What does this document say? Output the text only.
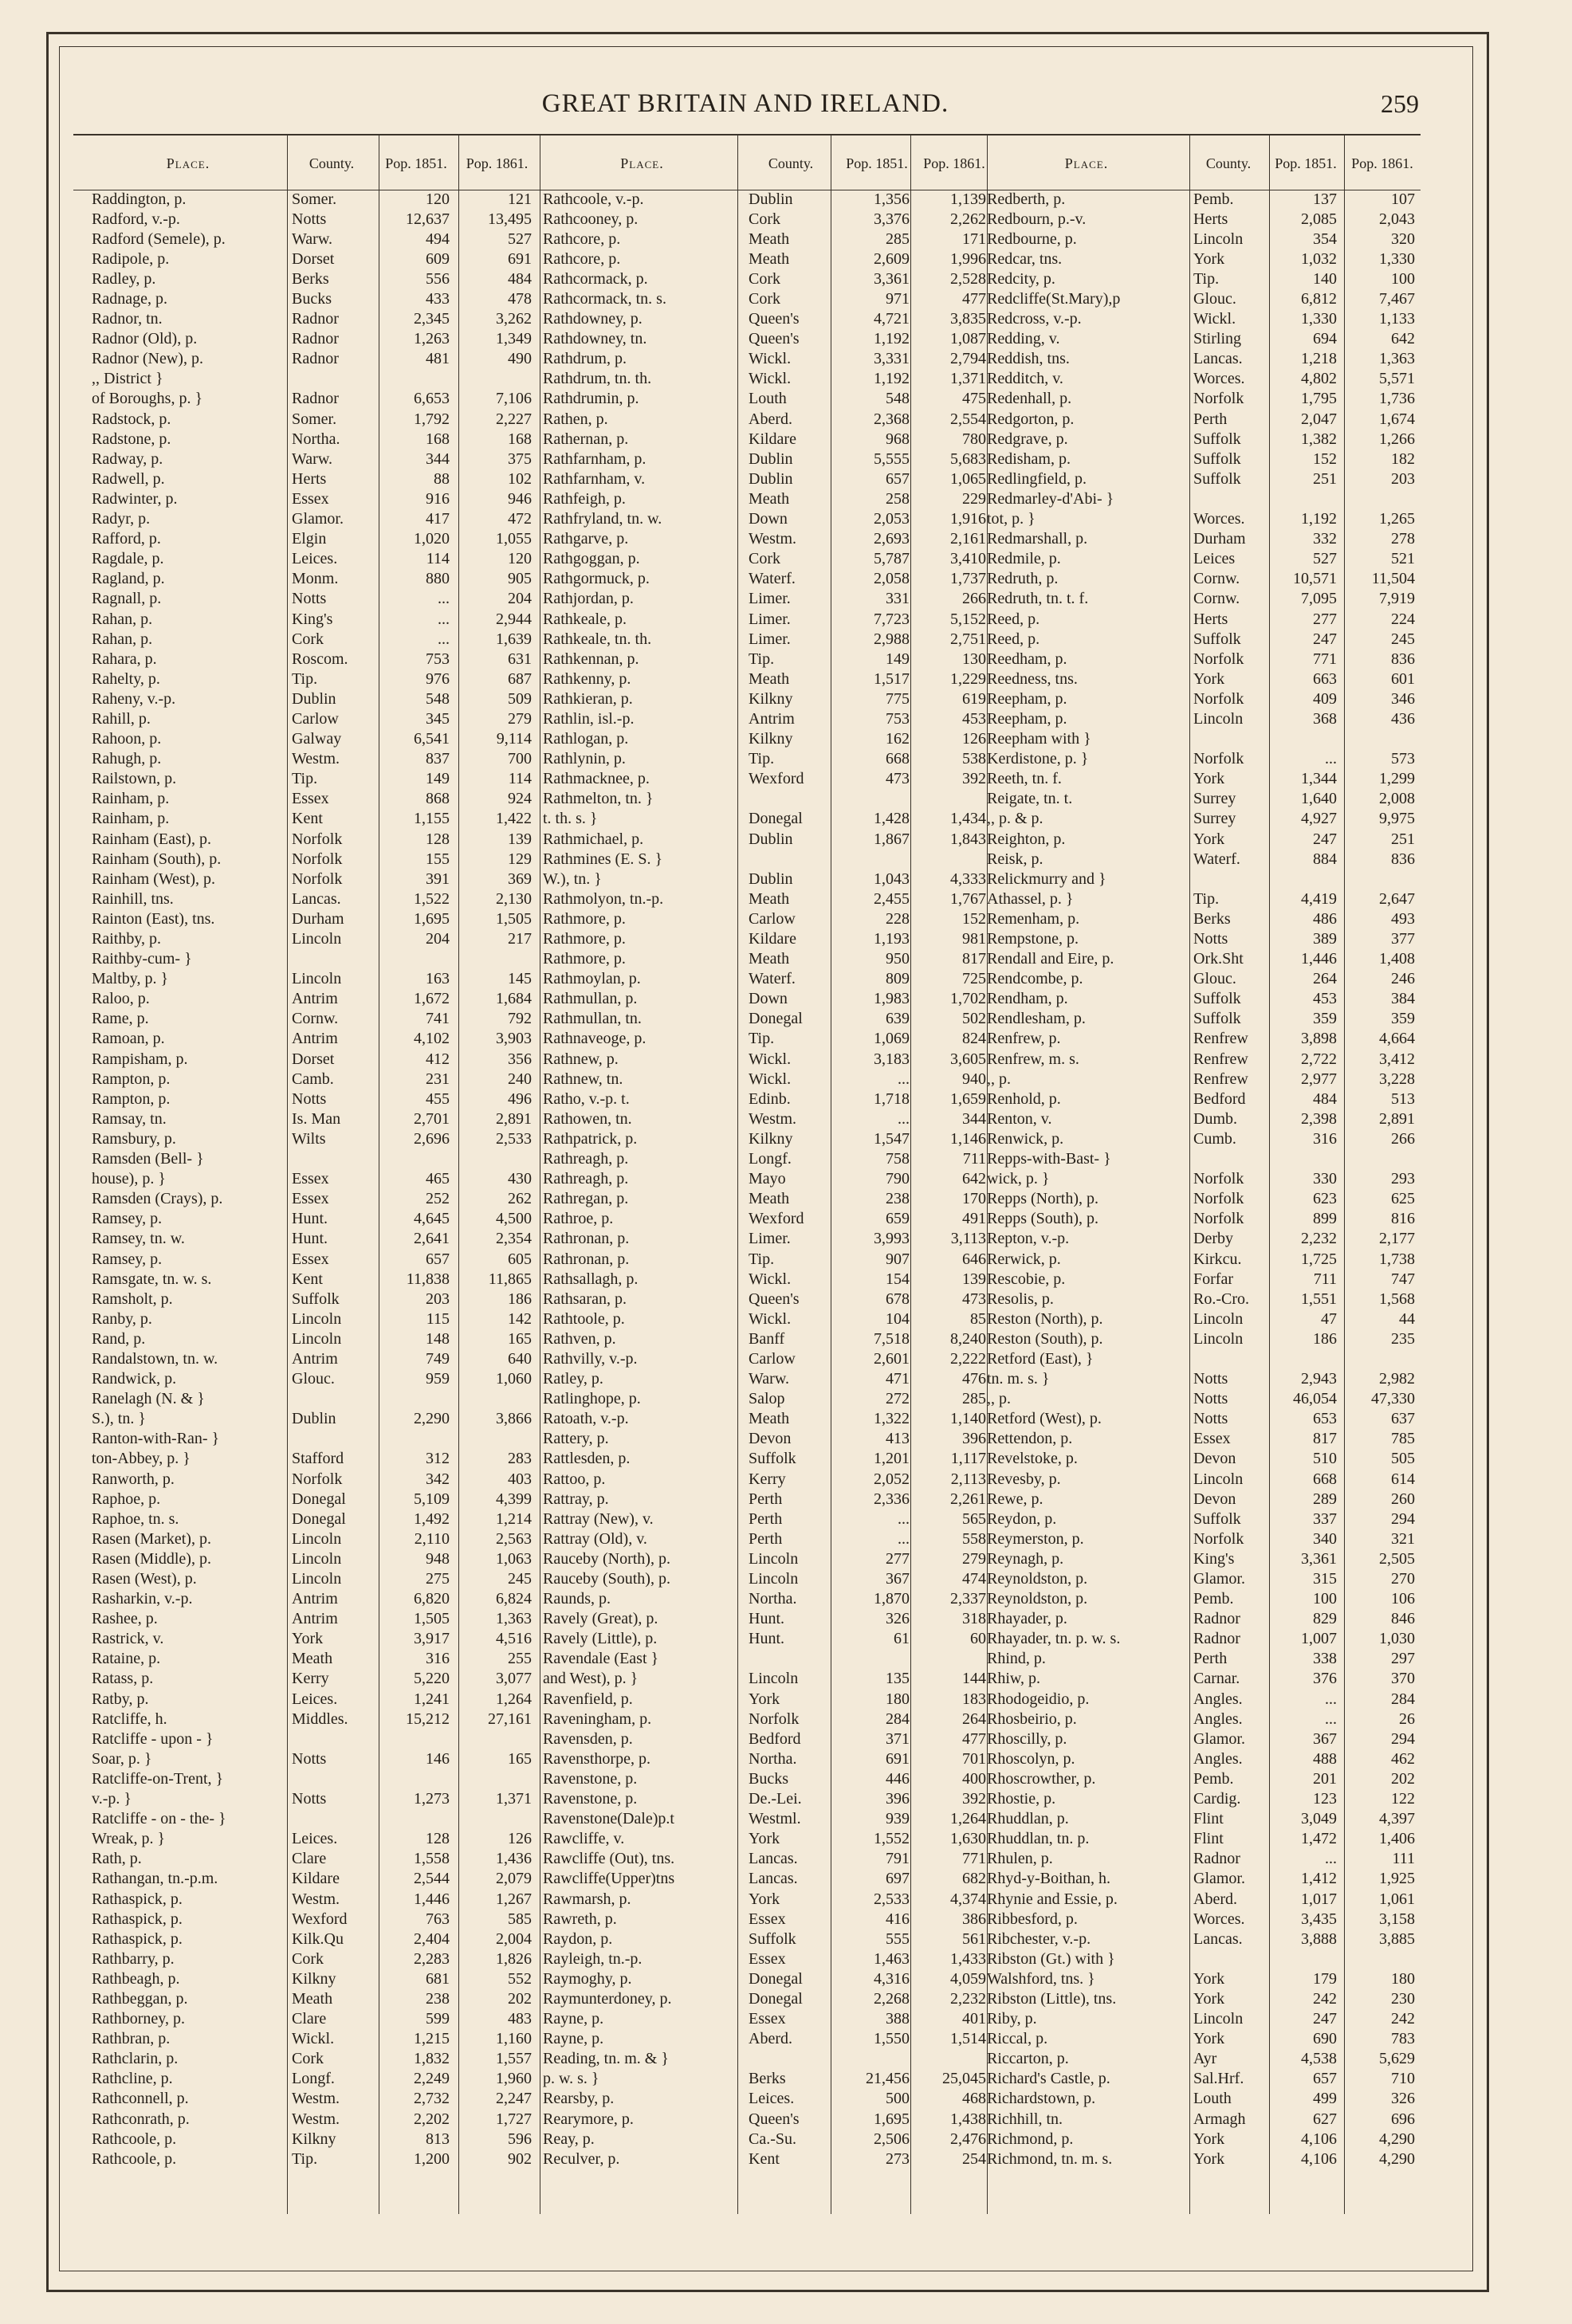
GREAT BRITAIN AND IRELAND.	259
Place.	County.	Pop. 1851.	Pop. 1861.
Raddington, p.	Somer.	120	121
Radford, v.-p.	Notts	12,637	13,495
Radford (Semele), p.	Warw.	494	527
Radipole, p.	Dorset	609	691
Radley, p.	Berks	556	484
Radnage, p.	Bucks	433	478
Radnor, tn.	Radnor	2,345	3,262
Radnor (Old), p.	Radnor	1,263	1,349
Radnor (New), p.	Radnor	481	490
,, District }			
of Boroughs, p. }	Radnor	6,653	7,106
Radstock, p.	Somer.	1,792	2,227
Radstone, p.	Northa.	168	168
Radway, p.	Warw.	344	375
Radwell, p.	Herts	88	102
Radwinter, p.	Essex	916	946
Radyr, p.	Glamor.	417	472
Rafford, p.	Elgin	1,020	1,055
Ragdale, p.	Leices.	114	120
Ragland, p.	Monm.	880	905
Ragnall, p.	Notts	...	204
Rahan, p.	King's	...	2,944
Rahan, p.	Cork	...	1,639
Rahara, p.	Roscom.	753	631
Rahelty, p.	Tip.	976	687
Raheny, v.-p.	Dublin	548	509
Rahill, p.	Carlow	345	279
Rahoon, p.	Galway	6,541	9,114
Rahugh, p.	Westm.	837	700
Railstown, p.	Tip.	149	114
Rainham, p.	Essex	868	924
Rainham, p.	Kent	1,155	1,422
Rainham (East), p.	Norfolk	128	139
Rainham (South), p.	Norfolk	155	129
Rainham (West), p.	Norfolk	391	369
Rainhill, tns.	Lancas.	1,522	2,130
Rainton (East), tns.	Durham	1,695	1,505
Raithby, p.	Lincoln	204	217
Raithby-cum- }			
Maltby, p. }	Lincoln	163	145
Raloo, p.	Antrim	1,672	1,684
Rame, p.	Cornw.	741	792
Ramoan, p.	Antrim	4,102	3,903
Rampisham, p.	Dorset	412	356
Rampton, p.	Camb.	231	240
Rampton, p.	Notts	455	496
Ramsay, tn.	Is. Man	2,701	2,891
Ramsbury, p.	Wilts	2,696	2,533
Ramsden (Bell- }			
house), p. }	Essex	465	430
Ramsden (Crays), p.	Essex	252	262
Ramsey, p.	Hunt.	4,645	4,500
Ramsey, tn. w.	Hunt.	2,641	2,354
Ramsey, p.	Essex	657	605
Ramsgate, tn. w. s.	Kent	11,838	11,865
Ramsholt, p.	Suffolk	203	186
Ranby, p.	Lincoln	115	142
Rand, p.	Lincoln	148	165
Randalstown, tn. w.	Antrim	749	640
Randwick, p.	Glouc.	959	1,060
Ranelagh (N. & }			
S.), tn. }	Dublin	2,290	3,866
Ranton-with-Ran- }			
ton-Abbey, p. }	Stafford	312	283
Ranworth, p.	Norfolk	342	403
Raphoe, p.	Donegal	5,109	4,399
Raphoe, tn. s.	Donegal	1,492	1,214
Rasen (Market), p.	Lincoln	2,110	2,563
Rasen (Middle), p.	Lincoln	948	1,063
Rasen (West), p.	Lincoln	275	245
Rasharkin, v.-p.	Antrim	6,820	6,824
Rashee, p.	Antrim	1,505	1,363
Rastrick, v.	York	3,917	4,516
Rataine, p.	Meath	316	255
Ratass, p.	Kerry	5,220	3,077
Ratby, p.	Leices.	1,241	1,264
Ratcliffe, h.	Middles.	15,212	27,161
Ratcliffe - upon - }			
Soar, p. }	Notts	146	165
Ratcliffe-on-Trent, }			
v.-p. }	Notts	1,273	1,371
Ratcliffe - on - the- }			
Wreak, p. }	Leices.	128	126
Rath, p.	Clare	1,558	1,436
Rathangan, tn.-p.m.	Kildare	2,544	2,079
Rathaspick, p.	Westm.	1,446	1,267
Rathaspick, p.	Wexford	763	585
Rathaspick, p.	Kilk.Qu	2,404	2,004
Rathbarry, p.	Cork	2,283	1,826
Rathbeagh, p.	Kilkny	681	552
Rathbeggan, p.	Meath	238	202
Rathborney, p.	Clare	599	483
Rathbran, p.	Wickl.	1,215	1,160
Rathclarin, p.	Cork	1,832	1,557
Rathcline, p.	Longf.	2,249	1,960
Rathconnell, p.	Westm.	2,732	2,247
Rathconrath, p.	Westm.	2,202	1,727
Rathcoole, p.	Kilkny	813	596
Rathcoole, p.	Tip.	1,200	902
Place.	County.	Pop. 1851.	Pop. 1861.
Rathcoole, v.-p.	Dublin	1,356	1,139
Rathcooney, p.	Cork	3,376	2,262
Rathcore, p.	Meath	285	171
Rathcore, p.	Meath	2,609	1,996
Rathcormack, p.	Cork	3,361	2,528
Rathcormack, tn. s.	Cork	971	477
Rathdowney, p.	Queen's	4,721	3,835
Rathdowney, tn.	Queen's	1,192	1,087
Rathdrum, p.	Wickl.	3,331	2,794
Rathdrum, tn. th.	Wickl.	1,192	1,371
Rathdrumin, p.	Louth	548	475
Rathen, p.	Aberd.	2,368	2,554
Rathernan, p.	Kildare	968	780
Rathfarnham, p.	Dublin	5,555	5,683
Rathfarnham, v.	Dublin	657	1,065
Rathfeigh, p.	Meath	258	229
Rathfryland, tn. w.	Down	2,053	1,916
Rathgarve, p.	Westm.	2,693	2,161
Rathgoggan, p.	Cork	5,787	3,410
Rathgormuck, p.	Waterf.	2,058	1,737
Rathjordan, p.	Limer.	331	266
Rathkeale, p.	Limer.	7,723	5,152
Rathkeale, tn. th.	Limer.	2,988	2,751
Rathkennan, p.	Tip.	149	130
Rathkenny, p.	Meath	1,517	1,229
Rathkieran, p.	Kilkny	775	619
Rathlin, isl.-p.	Antrim	753	453
Rathlogan, p.	Kilkny	162	126
Rathlynin, p.	Tip.	668	538
Rathmacknee, p.	Wexford	473	392
Rathmelton, tn. }			
t. th. s. }	Donegal	1,428	1,434
Rathmichael, p.	Dublin	1,867	1,843
Rathmines (E. S. }			
W.), tn. }	Dublin	1,043	4,333
Rathmolyon, tn.-p.	Meath	2,455	1,767
Rathmore, p.	Carlow	228	152
Rathmore, p.	Kildare	1,193	981
Rathmore, p.	Meath	950	817
Rathmoylan, p.	Waterf.	809	725
Rathmullan, p.	Down	1,983	1,702
Rathmullan, tn.	Donegal	639	502
Rathnaveoge, p.	Tip.	1,069	824
Rathnew, p.	Wickl.	3,183	3,605
Rathnew, tn.	Wickl.	...	940
Ratho, v.-p. t.	Edinb.	1,718	1,659
Rathowen, tn.	Westm.	...	344
Rathpatrick, p.	Kilkny	1,547	1,146
Rathreagh, p.	Longf.	758	711
Rathreagh, p.	Mayo	790	642
Rathregan, p.	Meath	238	170
Rathroe, p.	Wexford	659	491
Rathronan, p.	Limer.	3,993	3,113
Rathronan, p.	Tip.	907	646
Rathsallagh, p.	Wickl.	154	139
Rathsaran, p.	Queen's	678	473
Rathtoole, p.	Wickl.	104	85
Rathven, p.	Banff	7,518	8,240
Rathvilly, v.-p.	Carlow	2,601	2,222
Ratley, p.	Warw.	471	476
Ratlinghope, p.	Salop	272	285
Ratoath, v.-p.	Meath	1,322	1,140
Rattery, p.	Devon	413	396
Rattlesden, p.	Suffolk	1,201	1,117
Rattoo, p.	Kerry	2,052	2,113
Rattray, p.	Perth	2,336	2,261
Rattray (New), v.	Perth	...	565
Rattray (Old), v.	Perth	...	558
Rauceby (North), p.	Lincoln	277	279
Rauceby (South), p.	Lincoln	367	474
Raunds, p.	Northa.	1,870	2,337
Ravely (Great), p.	Hunt.	326	318
Ravely (Little), p.	Hunt.	61	60
Ravendale (East }			
and West), p. }	Lincoln	135	144
Ravenfield, p.	York	180	183
Raveningham, p.	Norfolk	284	264
Ravensden, p.	Bedford	371	477
Ravensthorpe, p.	Northa.	691	701
Ravenstone, p.	Bucks	446	400
Ravenstone, p.	De.-Lei.	396	392
Ravenstone(Dale)p.t	Westml.	939	1,264
Rawcliffe, v.	York	1,552	1,630
Rawcliffe (Out), tns.	Lancas.	791	771
Rawcliffe(Upper)tns	Lancas.	697	682
Rawmarsh, p.	York	2,533	4,374
Rawreth, p.	Essex	416	386
Raydon, p.	Suffolk	555	561
Rayleigh, tn.-p.	Essex	1,463	1,433
Raymoghy, p.	Donegal	4,316	4,059
Raymunterdoney, p.	Donegal	2,268	2,232
Rayne, p.	Essex	388	401
Rayne, p.	Aberd.	1,550	1,514
Reading, tn. m. & }			
p. w. s. }	Berks	21,456	25,045
Rearsby, p.	Leices.	500	468
Rearymore, p.	Queen's	1,695	1,438
Reay, p.	Ca.-Su.	2,506	2,476
Reculver, p.	Kent	273	254
Place.	County.	Pop. 1851.	Pop. 1861.
Redberth, p.	Pemb.	137	107
Redbourn, p.-v.	Herts	2,085	2,043
Redbourne, p.	Lincoln	354	320
Redcar, tns.	York	1,032	1,330
Redcity, p.	Tip.	140	100
Redcliffe(St.Mary),p	Glouc.	6,812	7,467
Redcross, v.-p.	Wickl.	1,330	1,133
Redding, v.	Stirling	694	642
Reddish, tns.	Lancas.	1,218	1,363
Redditch, v.	Worces.	4,802	5,571
Redenhall, p.	Norfolk	1,795	1,736
Redgorton, p.	Perth	2,047	1,674
Redgrave, p.	Suffolk	1,382	1,266
Redisham, p.	Suffolk	152	182
Redlingfield, p.	Suffolk	251	203
Redmarley-d'Abi- }			
tot, p. }	Worces.	1,192	1,265
Redmarshall, p.	Durham	332	278
Redmile, p.	Leices	527	521
Redruth, p.	Cornw.	10,571	11,504
Redruth, tn. t. f.	Cornw.	7,095	7,919
Reed, p.	Herts	277	224
Reed, p.	Suffolk	247	245
Reedham, p.	Norfolk	771	836
Reedness, tns.	York	663	601
Reepham, p.	Norfolk	409	346
Reepham, p.	Lincoln	368	436
Reepham with }			
Kerdistone, p. }	Norfolk	...	573
Reeth, tn. f.	York	1,344	1,299
Reigate, tn. t.	Surrey	1,640	2,008
,, p. & p.	Surrey	4,927	9,975
Reighton, p.	York	247	251
Reisk, p.	Waterf.	884	836
Relickmurry and }			
Athassel, p. }	Tip.	4,419	2,647
Remenham, p.	Berks	486	493
Rempstone, p.	Notts	389	377
Rendall and Eire, p.	Ork.Sht	1,446	1,408
Rendcombe, p.	Glouc.	264	246
Rendham, p.	Suffolk	453	384
Rendlesham, p.	Suffolk	359	359
Renfrew, p.	Renfrew	3,898	4,664
Renfrew, m. s.	Renfrew	2,722	3,412
,, p.	Renfrew	2,977	3,228
Renhold, p.	Bedford	484	513
Renton, v.	Dumb.	2,398	2,891
Renwick, p.	Cumb.	316	266
Repps-with-Bast- }			
wick, p. }	Norfolk	330	293
Repps (North), p.	Norfolk	623	625
Repps (South), p.	Norfolk	899	816
Repton, v.-p.	Derby	2,232	2,177
Rerwick, p.	Kirkcu.	1,725	1,738
Rescobie, p.	Forfar	711	747
Resolis, p.	Ro.-Cro.	1,551	1,568
Reston (North), p.	Lincoln	47	44
Reston (South), p.	Lincoln	186	235
Retford (East), }			
tn. m. s. }	Notts	2,943	2,982
,, p.	Notts	46,054	47,330
Retford (West), p.	Notts	653	637
Rettendon, p.	Essex	817	785
Revelstoke, p.	Devon	510	505
Revesby, p.	Lincoln	668	614
Rewe, p.	Devon	289	260
Reydon, p.	Suffolk	337	294
Reymerston, p.	Norfolk	340	321
Reynagh, p.	King's	3,361	2,505
Reynoldston, p.	Glamor.	315	270
Reynoldston, p.	Pemb.	100	106
Rhayader, p.	Radnor	829	846
Rhayader, tn. p. w. s.	Radnor	1,007	1,030
Rhind, p.	Perth	338	297
Rhiw, p.	Carnar.	376	370
Rhodogeidio, p.	Angles.	...	284
Rhosbeirio, p.	Angles.	...	26
Rhoscilly, p.	Glamor.	367	294
Rhoscolyn, p.	Angles.	488	462
Rhoscrowther, p.	Pemb.	201	202
Rhostie, p.	Cardig.	123	122
Rhuddlan, p.	Flint	3,049	4,397
Rhuddlan, tn. p.	Flint	1,472	1,406
Rhulen, p.	Radnor	...	111
Rhyd-y-Boithan, h.	Glamor.	1,412	1,925
Rhynie and Essie, p.	Aberd.	1,017	1,061
Ribbesford, p.	Worces.	3,435	3,158
Ribchester, v.-p.	Lancas.	3,888	3,885
Ribston (Gt.) with }			
Walshford, tns. }	York	179	180
Ribston (Little), tns.	York	242	230
Riby, p.	Lincoln	247	242
Riccal, p.	York	690	783
Riccarton, p.	Ayr	4,538	5,629
Richard's Castle, p.	Sal.Hrf.	657	710
Richardstown, p.	Louth	499	326
Richhill, tn.	Armagh	627	696
Richmond, p.	York	4,106	4,290
Richmond, tn. m. s.	York	4,106	4,290
